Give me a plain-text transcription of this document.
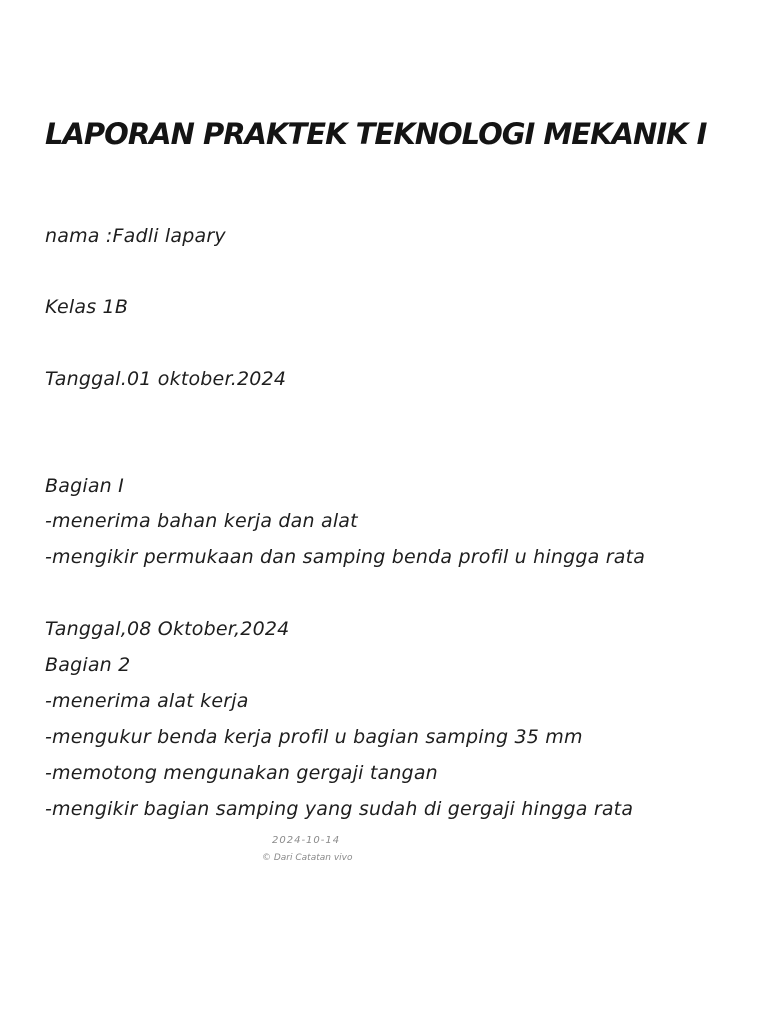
LAPORAN PRAKTEK TEKNOLOGI MEKANIK I

nama :Fadli lapary

Kelas 1B

Tanggal.01 oktober.2024

Bagian I

-menerima bahan kerja dan alat

-mengikir permukaan dan samping benda profil u hingga rata

Tanggal,08 Oktober,2024

Bagian 2

-menerima alat kerja

-mengukur benda kerja profil u bagian samping 35 mm

-memotong mengunakan gergaji tangan

-mengikir bagian samping yang sudah di gergaji hingga rata

2024-10-14
© Dari Catatan vivo
